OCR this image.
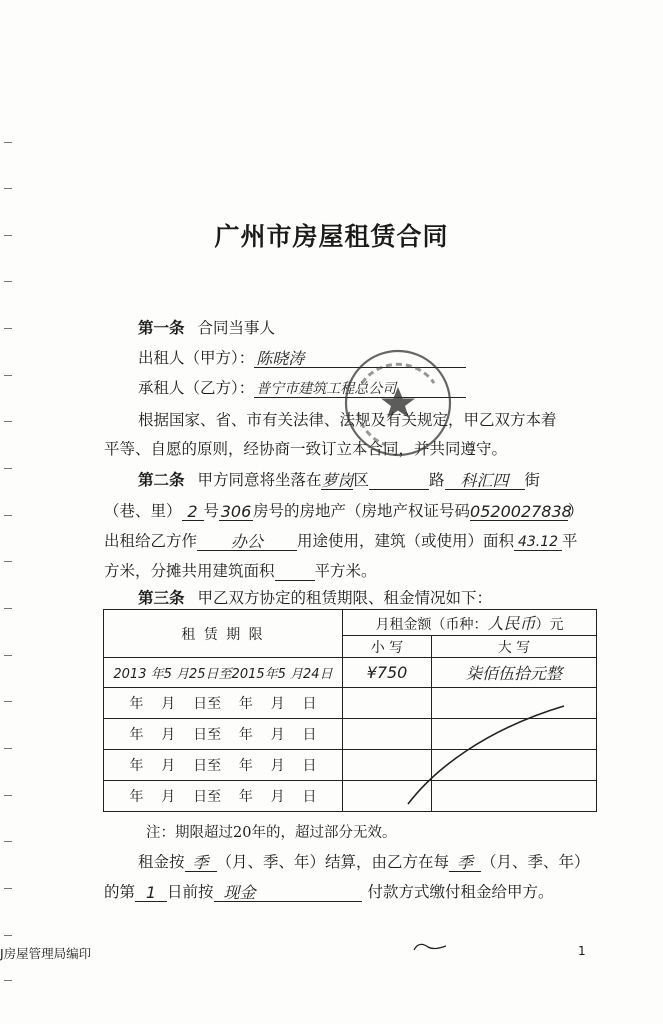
广州市房屋租赁合同
第一条 合同当事人
出租人（甲方）： 陈晓涛
承租人（乙方）： 普宁市建筑工程总公司
根据国家、省、市有关法律、法规及有关规定，甲乙双方本着
平等、自愿的原则，经协商一致订立本合同，并共同遵守。
第二条 甲方同意将坐落在萝岗区	路 科汇四 街
（巷、里） 2 号 306 房号的房地产（房地产权证号码0520027838）
出租给乙方作 办公 用途使用，建筑（或使用）面积 43.12 平
方米，分摊共用建筑面积	平方米。
第三条 甲乙双方协定的租赁期限、租金情况如下：
租 赁 期 限	月租金额（币种：人民币）元	
	小 写	大 写
2013 年5 月25日至2015年5 月24日	¥750	柒佰伍拾元整
年    月    日至    年    月    日		
年    月    日至    年    月    日		
年    月    日至    年    月    日		
年    月    日至    年    月    日		
注：期限超过20年的，超过部分无效。
租金按 季 （月、季、年）结算，由乙方在每 季 （月、季、年）
的第 1 日前按 现金	付款方式缴付租金给甲方。
J房屋管理局编印	1
